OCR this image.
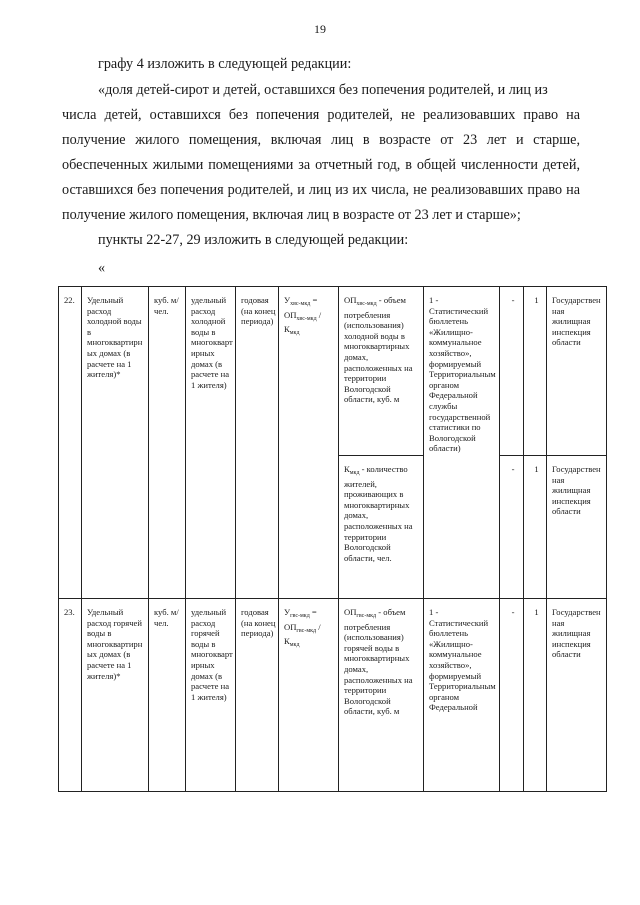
19
графу 4 изложить в следующей редакции:
«доля детей-сирот и детей, оставшихся без попечения родителей, и лиц из
числа детей, оставшихся без попечения родителей, не реализовавших право на получение жилого помещения, включая лиц в возрасте от 23 лет и старше, обеспеченных жилыми помещениями за отчетный год, в общей численности детей, оставшихся без попечения родителей, и лиц из их числа, не реализовавших право на получение жилого помещения, включая лиц в возрасте от 23 лет и старше»;
пункты 22-27, 29 изложить в следующей редакции:
«
22.	Удельный расход холодной воды в многоквартирных домах (в расчете на 1 жителя)*	куб. м/чел.	удельный расход холодной воды в многоквартирных домах (в расчете на 1 жителя)	годовая (на конец периода)	$У_{хвс-мкд} = ОП_{хвс-мкд} / К_{мкд}$	$ОП_{хвс-мкд}$ - объем потребления (использования) холодной воды в многоквартирных домах, расположенных на территории Вологодской области, куб. м	1 - Статистический бюллетень «Жилищно-коммунальное хозяйство», формируемый Территориальным органом Федеральной службы государственной статистики по Вологодской области)	-	1	Государственная жилищная инспекция области
						$К_{мкд}$ - количество жителей, проживающих в многоквартирных домах, расположенных на территории Вологодской области, чел.		-	1	Государственная жилищная инспекция области
23.	Удельный расход горячей воды в многоквартирных домах (в расчете на 1 жителя)*	куб. м/чел.	удельный расход горячей воды в многоквартирных домах (в расчете на 1 жителя)	годовая (на конец периода)	$У_{гвс-мкд} = ОП_{гвс-мкд} / К_{мкд}$	$ОП_{гвс-мкд}$ - объем потребления (использования) горячей воды в многоквартирных домах, расположенных на территории Вологодской области, куб. м	1 - Статистический бюллетень «Жилищно-коммунальное хозяйство», формируемый Территориальным органом Федеральной	-	1	Государственная жилищная инспекция области
